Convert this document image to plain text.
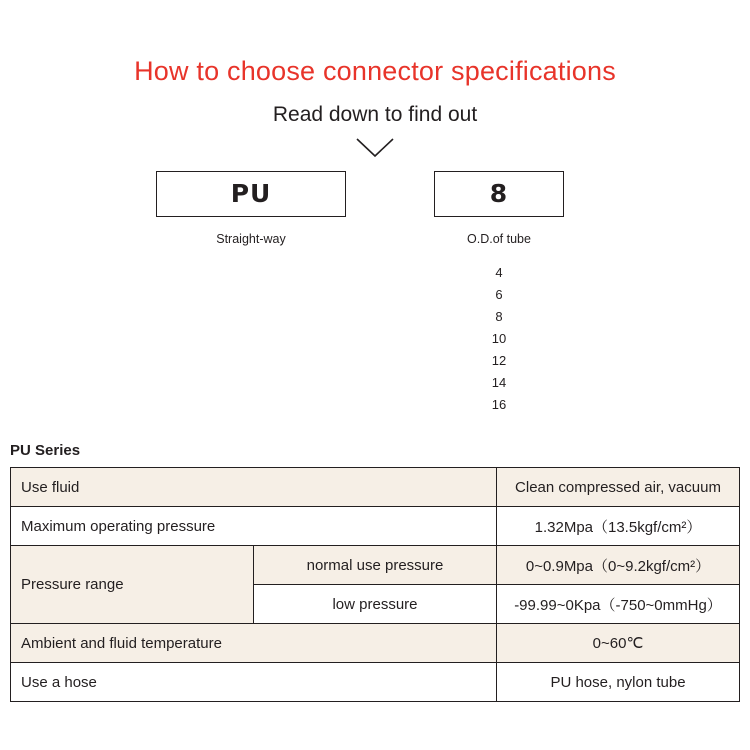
How to choose connector specifications

Read down to find out

PU
Straight-way
8
O.D.of tube
4
6
8
10
12
14
16
PU Series
Use fluid		Clean compressed air, vacuum
Maximum operating pressure		1.32Mpa（13.5kgf/cm²）
Pressure range	normal use pressure	0~0.9Mpa（0~9.2kgf/cm²）
	low pressure	-99.99~0Kpa（-750~0mmHg）
Ambient and fluid temperature		0~60℃
Use a hose		PU hose, nylon tube
